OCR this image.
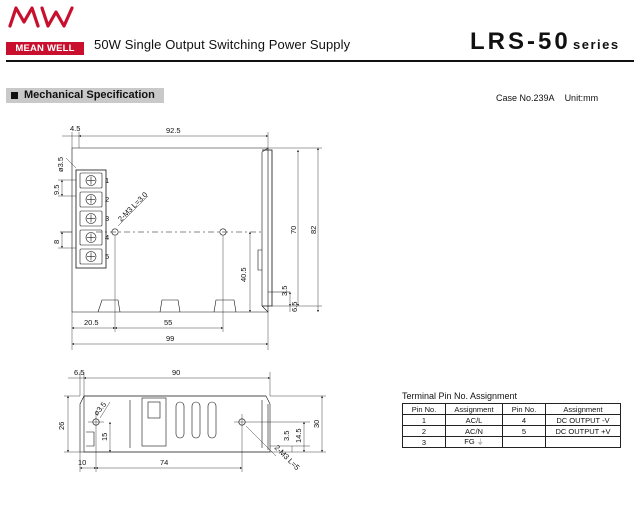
MEAN WELL	50W Single Output Switching Power Supply	LRS-50 series
Mechanical Specification	Case No.239A Unit:mm
4.5	92.5
ø3.5
9.5
8
2-M3 L=3.0
70 82
40.5
3.5
6.5
20.5	55
99
1
2
3
4
5
6.5	90
ø3.5
26
15	3.5 14.5
30
10	74	2-M3 L=5
Terminal Pin No. Assignment
Pin No.	Assignment	Pin No.	Assignment
1	AC/L	4	DC OUTPUT -V
2	AC/N	5	DC OUTPUT +V
3	FG ⏚		
